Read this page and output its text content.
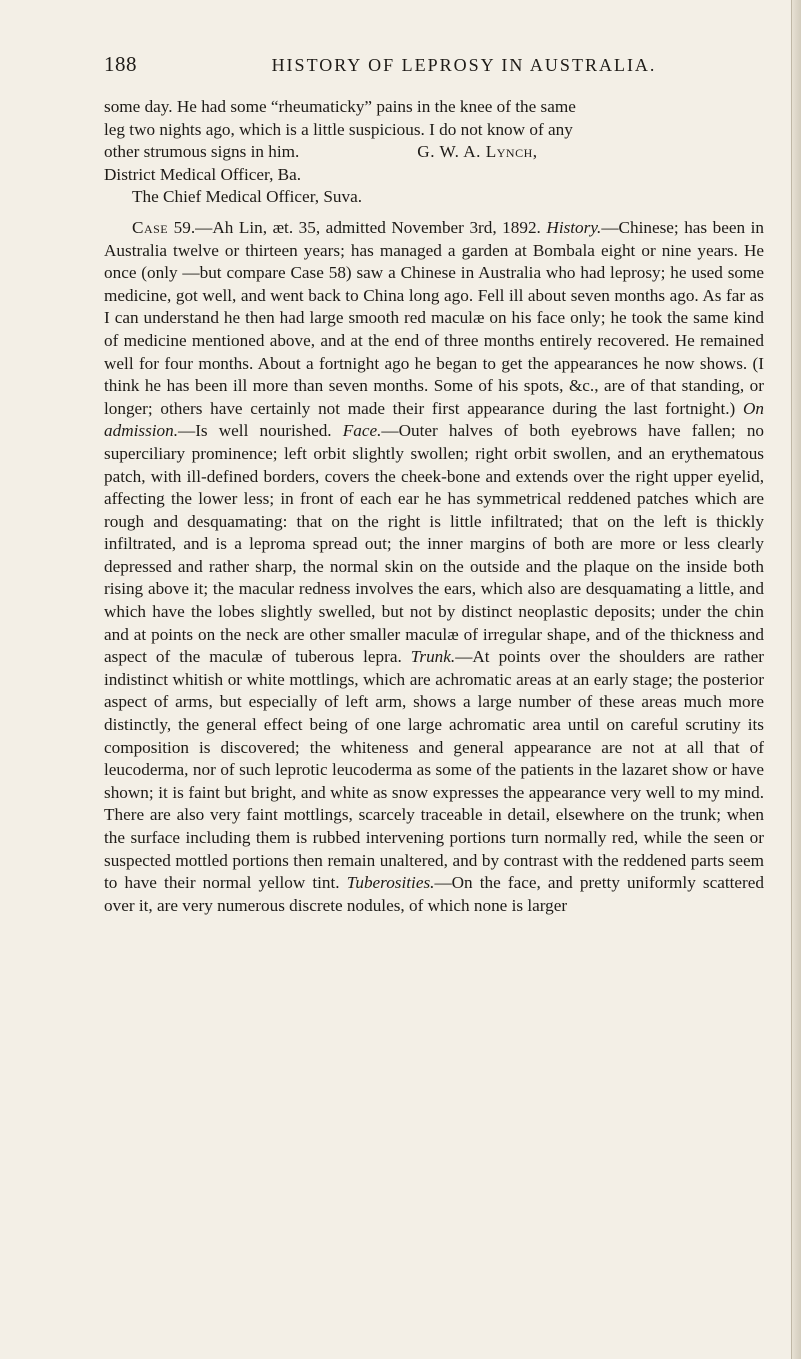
188	HISTORY OF LEPROSY IN AUSTRALIA.

some day. He had some “rheumaticky” pains in the knee of the same

leg two nights ago, which is a little suspicious. I do not know of any

other strumous signs in him.	G. W. A. Lynch,

District Medical Officer, Ba.

The Chief Medical Officer, Suva.

Case 59.—Ah Lin, æt. 35, admitted November 3rd, 1892. History.—Chinese; has been in Australia twelve or thirteen years; has managed a garden at Bombala eight or nine years. He once (only —but compare Case 58) saw a Chinese in Australia who had leprosy; he used some medicine, got well, and went back to China long ago. Fell ill about seven months ago. As far as I can understand he then had large smooth red maculæ on his face only; he took the same kind of medicine mentioned above, and at the end of three months entirely recovered. He remained well for four months. About a fortnight ago he began to get the appearances he now shows. (I think he has been ill more than seven months. Some of his spots, &c., are of that standing, or longer; others have certainly not made their first appearance during the last fortnight.) On admission.—Is well nourished. Face.—Outer halves of both eyebrows have fallen; no superciliary prominence; left orbit slightly swollen; right orbit swollen, and an erythematous patch, with ill-defined borders, covers the cheek-bone and extends over the right upper eyelid, affecting the lower less; in front of each ear he has symmetrical reddened patches which are rough and desquamating: that on the right is little infiltrated; that on the left is thickly infiltrated, and is a leproma spread out; the inner margins of both are more or less clearly depressed and rather sharp, the normal skin on the outside and the plaque on the inside both rising above it; the macular redness involves the ears, which also are desquamating a little, and which have the lobes slightly swelled, but not by distinct neoplastic deposits; under the chin and at points on the neck are other smaller maculæ of irregular shape, and of the thickness and aspect of the maculæ of tuberous lepra. Trunk.—At points over the shoulders are rather indistinct whitish or white mottlings, which are achromatic areas at an early stage; the posterior aspect of arms, but especially of left arm, shows a large number of these areas much more distinctly, the general effect being of one large achromatic area until on careful scrutiny its composition is discovered; the whiteness and general appearance are not at all that of leucoderma, nor of such leprotic leucoderma as some of the patients in the lazaret show or have shown; it is faint but bright, and white as snow expresses the appearance very well to my mind. There are also very faint mottlings, scarcely traceable in detail, elsewhere on the trunk; when the surface including them is rubbed intervening portions turn normally red, while the seen or suspected mottled portions then remain unaltered, and by contrast with the reddened parts seem to have their normal yellow tint. Tuberosities.—On the face, and pretty uniformly scattered over it, are very numerous discrete nodules, of which none is larger
